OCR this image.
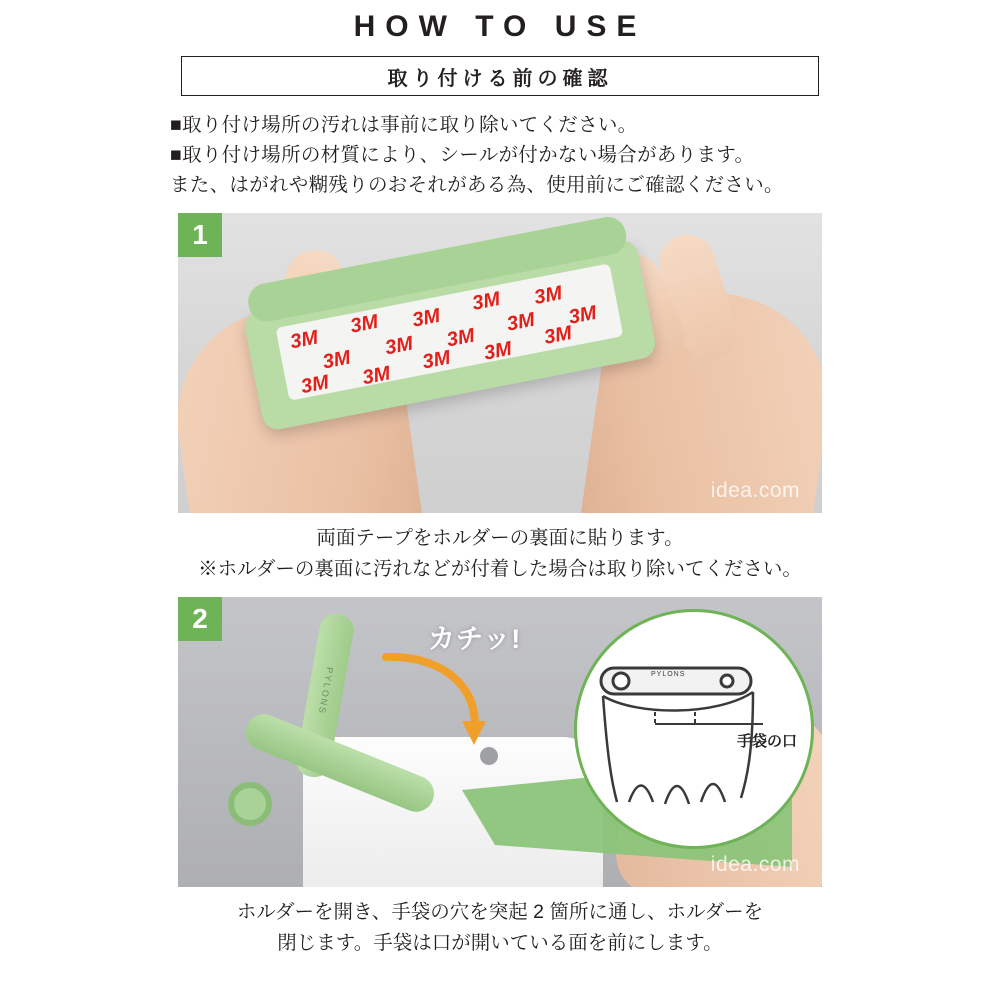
HOW TO USE
取り付ける前の確認

■取り付け場所の汚れは事前に取り除いてください。

■取り付け場所の材質により、シールが付かない場合があります。

また、はがれや糊残りのおそれがある為、使用前にご確認ください。

3M
3M 3M
3M 3M
3M
3M 3M
3M 3M
3M 3M
3M 3M
3M
1
idea.com

両面テープをホルダーの裏面に貼ります。

※ホルダーの裏面に汚れなどが付着した場合は取り除いてください。

PYLONS
カチッ!
PYLONS
手袋の口
2
idea.com

ホルダーを開き、手袋の穴を突起 2 箇所に通し、ホルダーを

閉じます。手袋は口が開いている面を前にします。
